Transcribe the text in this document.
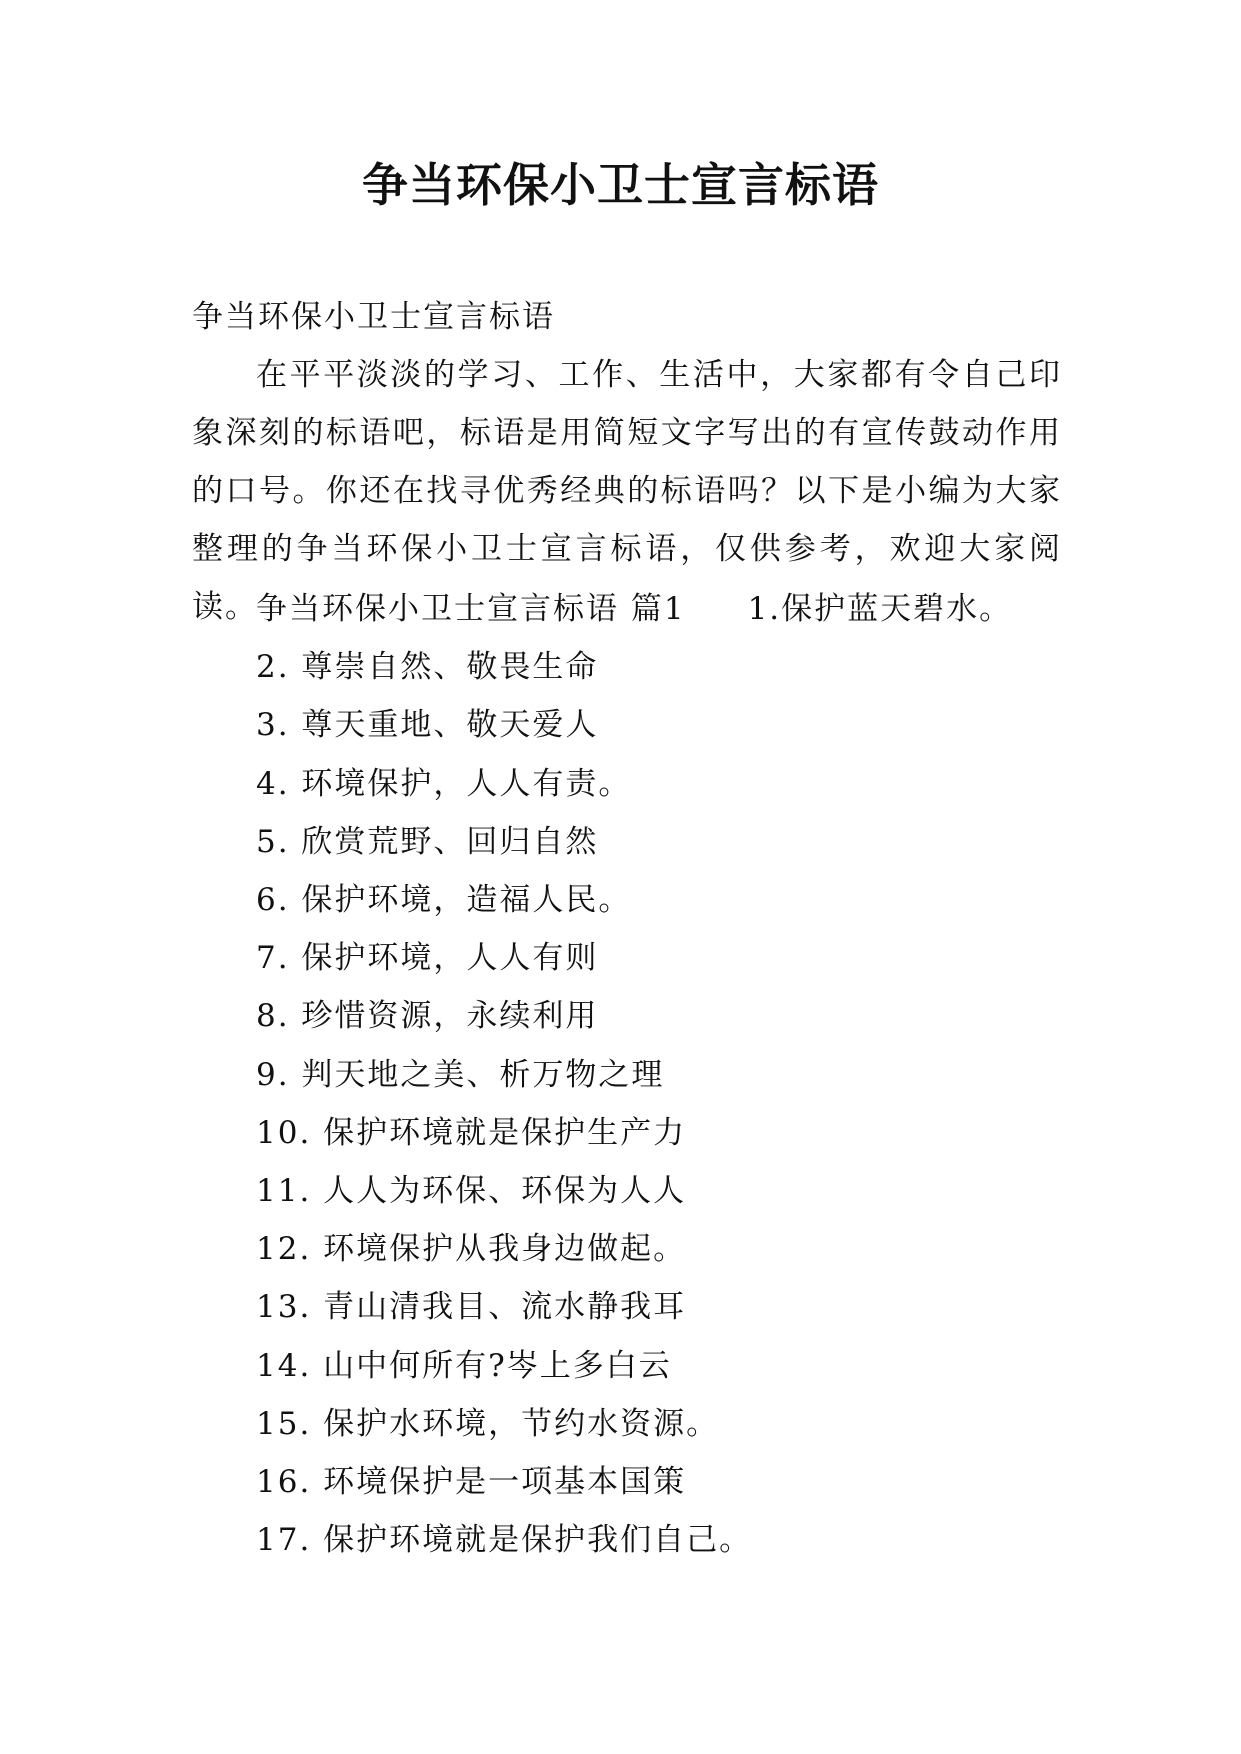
争当环保小卫士宣言标语
争当环保小卫士宣言标语
在平平淡淡的学习、工作、生活中，大家都有令自己印象深刻的标语吧，标语是用简短文字写出的有宣传鼓动作用的口号。你还在找寻优秀经典的标语吗？以下是小编为大家整理的争当环保小卫士宣言标语，仅供参考，欢迎大家阅读。
争当环保小卫士宣言标语 篇1 1.保护蓝天碧水。
2. 尊崇自然、敬畏生命
3. 尊天重地、敬天爱人
4. 环境保护，人人有责。
5. 欣赏荒野、回归自然
6. 保护环境，造福人民。
7. 保护环境，人人有则
8. 珍惜资源，永续利用
9. 判天地之美、析万物之理
10. 保护环境就是保护生产力
11. 人人为环保、环保为人人
12. 环境保护从我身边做起。
13. 青山清我目、流水静我耳
14. 山中何所有?岑上多白云
15. 保护水环境，节约水资源。
16. 环境保护是一项基本国策
17. 保护环境就是保护我们自己。
